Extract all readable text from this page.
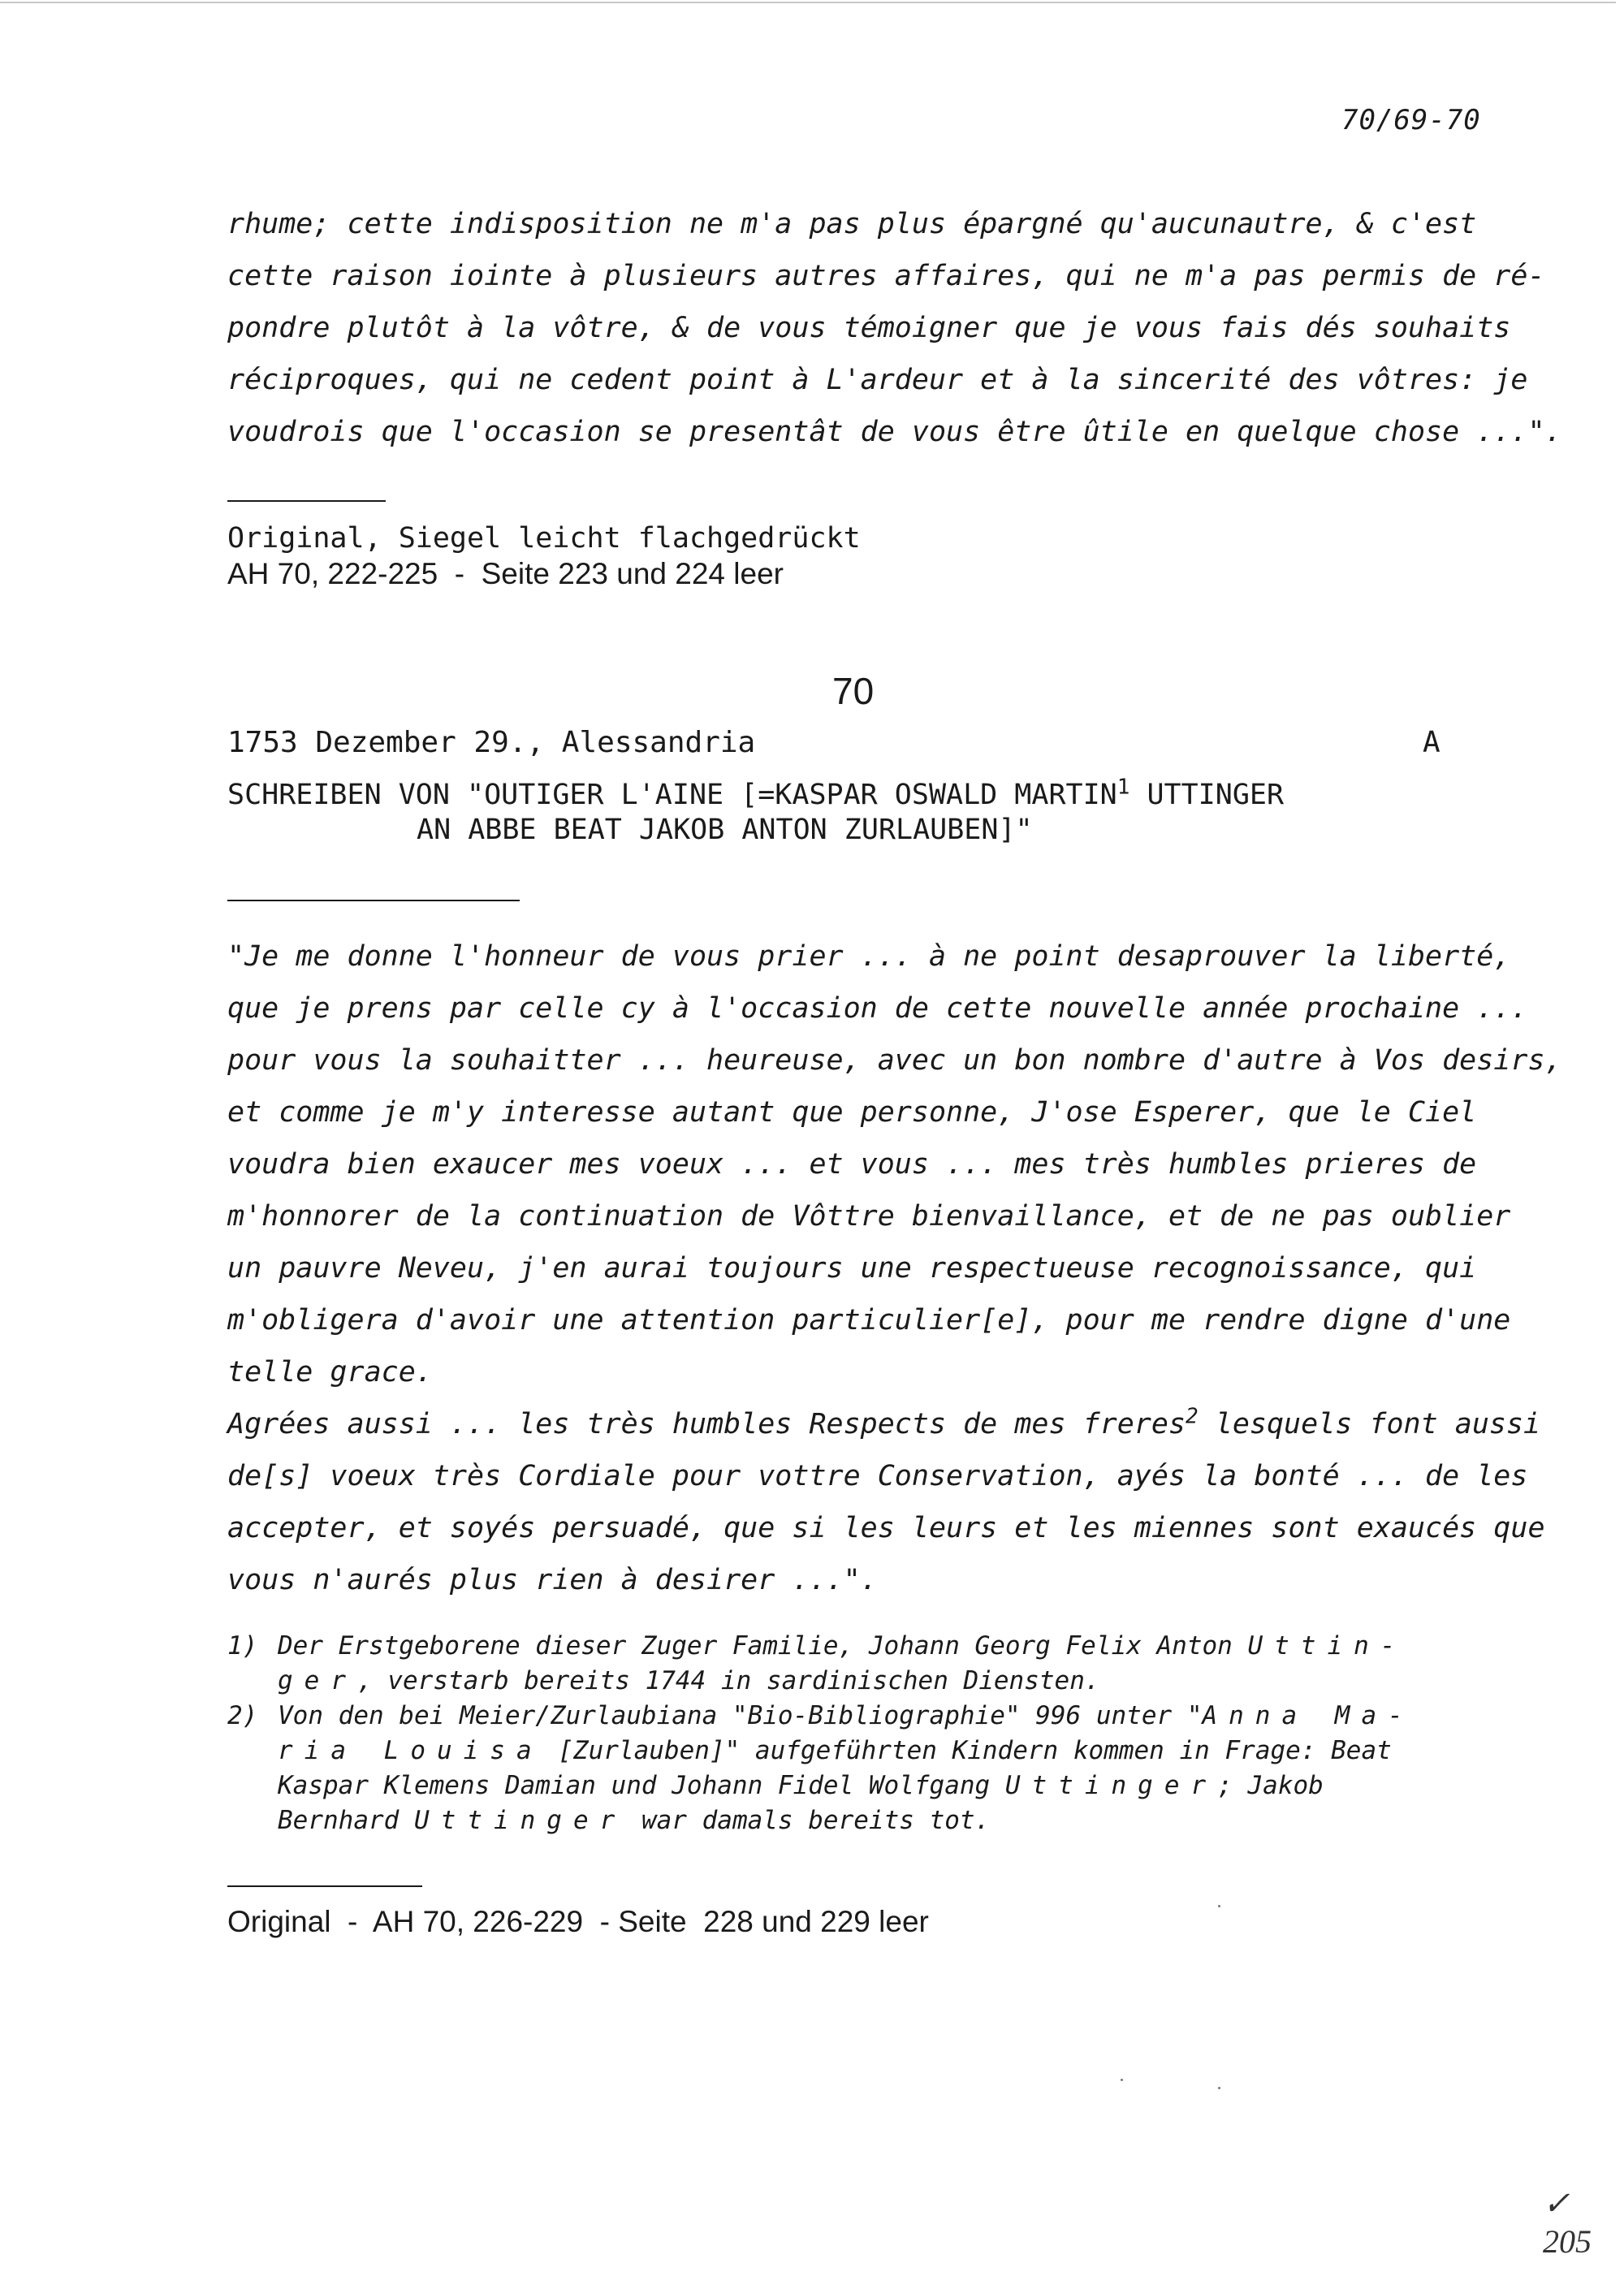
70/69-70
rhume; cette indisposition ne m'a pas plus épargné qu'aucunautre, & c'est
cette raison iointe à plusieurs autres affaires, qui ne m'a pas permis de ré-
pondre plutôt à la vôtre, & de vous témoigner que je vous fais dés souhaits
réciproques, qui ne cedent point à L'ardeur et à la sincerité des vôtres: je
voudrois que l'occasion se presentât de vous être ûtile en quelque chose ...".
Original, Siegel leicht flachgedrückt
AH 70, 222-225  -  Seite 223 und 224 leer
70
1753 Dezember 29., Alessandria	A
SCHREIBEN VON "OUTIGER L'AINE [=KASPAR OSWALD MARTIN$^1$ UTTINGER
AN ABBE BEAT JAKOB ANTON ZURLAUBEN]"
"Je me donne l'honneur de vous prier ... à ne point desaprouver la liberté,
que je prens par celle cy à l'occasion de cette nouvelle année prochaine ...
pour vous la souhaitter ... heureuse, avec un bon nombre d'autre à Vos desirs,
et comme je m'y interesse autant que personne, J'ose Esperer, que le Ciel
voudra bien exaucer mes voeux ... et vous ... mes très humbles prieres de
m'honnorer de la continuation de Vôttre bienvaillance, et de ne pas oublier
un pauvre Neveu, j'en aurai toujours une respectueuse recognoissance, qui
m'obligera d'avoir une attention particulier[e], pour me rendre digne d'une
telle grace.
Agrées aussi ... les très humbles Respects de mes freres$^2$ lesquels font aussi
de[s] voeux très Cordiale pour vottre Conservation, ayés la bonté ... de les
accepter, et soyés persuadé, que si les leurs et les miennes sont exaucés que
vous n'aurés plus rien à desirer ...".
1) Der Erstgeborene dieser Zuger Familie, Johann Georg Felix Anton Uttin-
ger, verstarb bereits 1744 in sardinischen Diensten.
2) Von den bei Meier/Zurlaubiana "Bio-Bibliographie" 996 unter "Anna Ma-
ria Louisa [Zurlauben]" aufgeführten Kindern kommen in Frage: Beat
Kaspar Klemens Damian und Johann Fidel Wolfgang Uttinger; Jakob
Bernhard Uttinger war damals bereits tot.
Original  -  AH 70, 226-229  - Seite  228 und 229 leer
✓ 205
